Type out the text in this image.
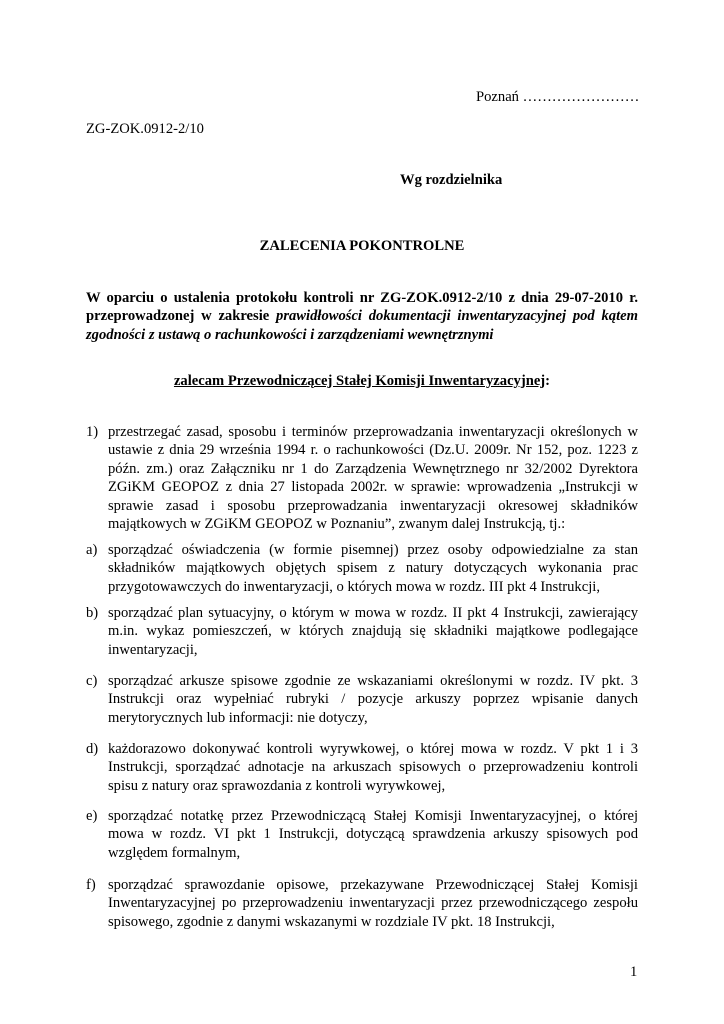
Poznań ……………………
ZG-ZOK.0912-2/10
Wg rozdzielnika
ZALECENIA POKONTROLNE
W oparciu o ustalenia protokołu kontroli nr ZG-ZOK.0912-2/10 z dnia 29-07-2010 r. przeprowadzonej w zakresie prawidłowości dokumentacji inwentaryzacyjnej pod kątem zgodności z ustawą o rachunkowości i zarządzeniami wewnętrznymi
zalecam Przewodniczącej Stałej Komisji Inwentaryzacyjnej:
1) przestrzegać zasad, sposobu i terminów przeprowadzania inwentaryzacji określonych w ustawie z dnia 29 września 1994 r. o rachunkowości (Dz.U. 2009r. Nr 152, poz. 1223 z późn. zm.) oraz Załączniku nr 1 do Zarządzenia Wewnętrznego nr 32/2002 Dyrektora ZGiKM GEOPOZ z dnia 27 listopada 2002r. w sprawie: wprowadzenia „Instrukcji w sprawie zasad i sposobu przeprowadzania inwentaryzacji okresowej składników majątkowych w ZGiKM GEOPOZ w Poznaniu”, zwanym dalej Instrukcją, tj.:
a) sporządzać oświadczenia (w formie pisemnej) przez osoby odpowiedzialne za stan składników majątkowych objętych spisem z natury dotyczących wykonania prac przygotowawczych do inwentaryzacji, o których mowa w rozdz. III pkt 4 Instrukcji,
b) sporządzać plan sytuacyjny, o którym w mowa w rozdz. II pkt 4 Instrukcji, zawierający m.in. wykaz pomieszczeń, w których znajdują się składniki majątkowe podlegające inwentaryzacji,
c) sporządzać arkusze spisowe zgodnie ze wskazaniami określonymi w rozdz. IV pkt. 3 Instrukcji oraz wypełniać rubryki / pozycje arkuszy poprzez wpisanie danych merytorycznych lub informacji: nie dotyczy,
d) każdorazowo dokonywać kontroli wyrywkowej, o której mowa w rozdz. V pkt 1 i 3 Instrukcji, sporządzać adnotacje na arkuszach spisowych o przeprowadzeniu kontroli spisu z natury oraz sprawozdania z kontroli wyrywkowej,
e) sporządzać notatkę przez Przewodniczącą Stałej Komisji Inwentaryzacyjnej, o której mowa w rozdz. VI pkt 1 Instrukcji, dotyczącą sprawdzenia arkuszy spisowych pod względem formalnym,
f) sporządzać sprawozdanie opisowe, przekazywane Przewodniczącej Stałej Komisji Inwentaryzacyjnej po przeprowadzeniu inwentaryzacji przez przewodniczącego zespołu spisowego, zgodnie z danymi wskazanymi w rozdziale IV pkt. 18 Instrukcji,
1
